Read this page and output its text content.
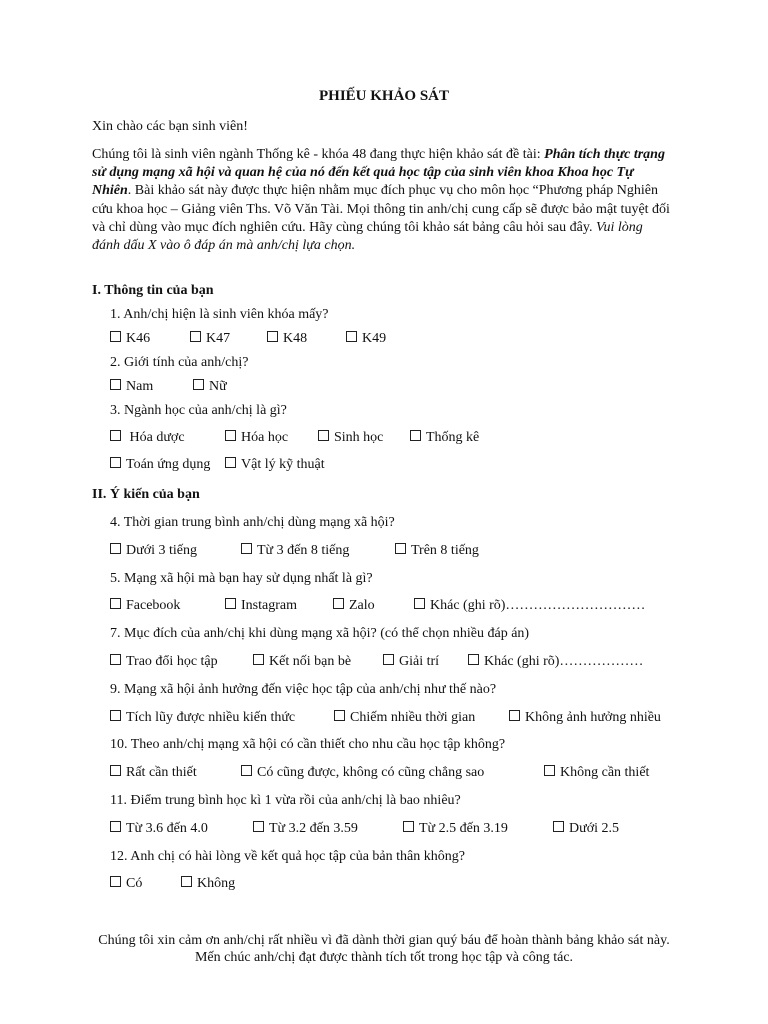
PHIẾU KHẢO SÁT
Xin chào các bạn sinh viên!
Chúng tôi là sinh viên ngành Thống kê - khóa 48 đang thực hiện khảo sát đề tài: Phân tích thực trạng sử dụng mạng xã hội và quan hệ của nó đến kết quả học tập của sinh viên khoa Khoa học Tự Nhiên. Bài khảo sát này được thực hiện nhằm mục đích phục vụ cho môn học “Phương pháp Nghiên cứu khoa học – Giảng viên Ths. Võ Văn Tài. Mọi thông tin anh/chị cung cấp sẽ được bảo mật tuyệt đối và chỉ dùng vào mục đích nghiên cứu. Hãy cùng chúng tôi khảo sát bảng câu hỏi sau đây. Vui lòng đánh dấu X vào ô đáp án mà anh/chị lựa chọn.
I. Thông tin của bạn
1. Anh/chị hiện là sinh viên khóa mấy?
K46	K47	K48	K49
2. Giới tính của anh/chị?
Nam	Nữ
3. Ngành học của anh/chị là gì?
Hóa dược	Hóa học	Sinh học	Thống kê
Toán ứng dụng	Vật lý kỹ thuật
II. Ý kiến của bạn
4. Thời gian trung bình anh/chị dùng mạng xã hội?
Dưới 3 tiếng	Từ 3 đến 8 tiếng	Trên 8 tiếng
5. Mạng xã hội mà bạn hay sử dụng nhất là gì?
Facebook	Instagram	Zalo	Khác (ghi rõ)…………………………
7. Mục đích của anh/chị khi dùng mạng xã hội? (có thể chọn nhiều đáp án)
Trao đổi học tập	Kết nối bạn bè	Giải trí	Khác (ghi rõ)………………
9. Mạng xã hội ảnh hưởng đến việc học tập của anh/chị như thế nào?
Tích lũy được nhiều kiến thức	Chiếm nhiều thời gian	Không ảnh hưởng nhiều
10. Theo anh/chị mạng xã hội có cần thiết cho nhu cầu học tập không?
Rất cần thiết	Có cũng được, không có cũng chẳng sao	Không cần thiết
11. Điểm trung bình học kì 1 vừa rồi của anh/chị là bao nhiêu?
Từ 3.6 đến 4.0	Từ 3.2 đến 3.59	Từ 2.5 đến 3.19	Dưới 2.5
12. Anh chị có hài lòng về kết quả học tập của bản thân không?
Có	Không
Chúng tôi xin cảm ơn anh/chị rất nhiều vì đã dành thời gian quý báu để hoàn thành bảng khảo sát này. Mến chúc anh/chị đạt được thành tích tốt trong học tập và công tác.
